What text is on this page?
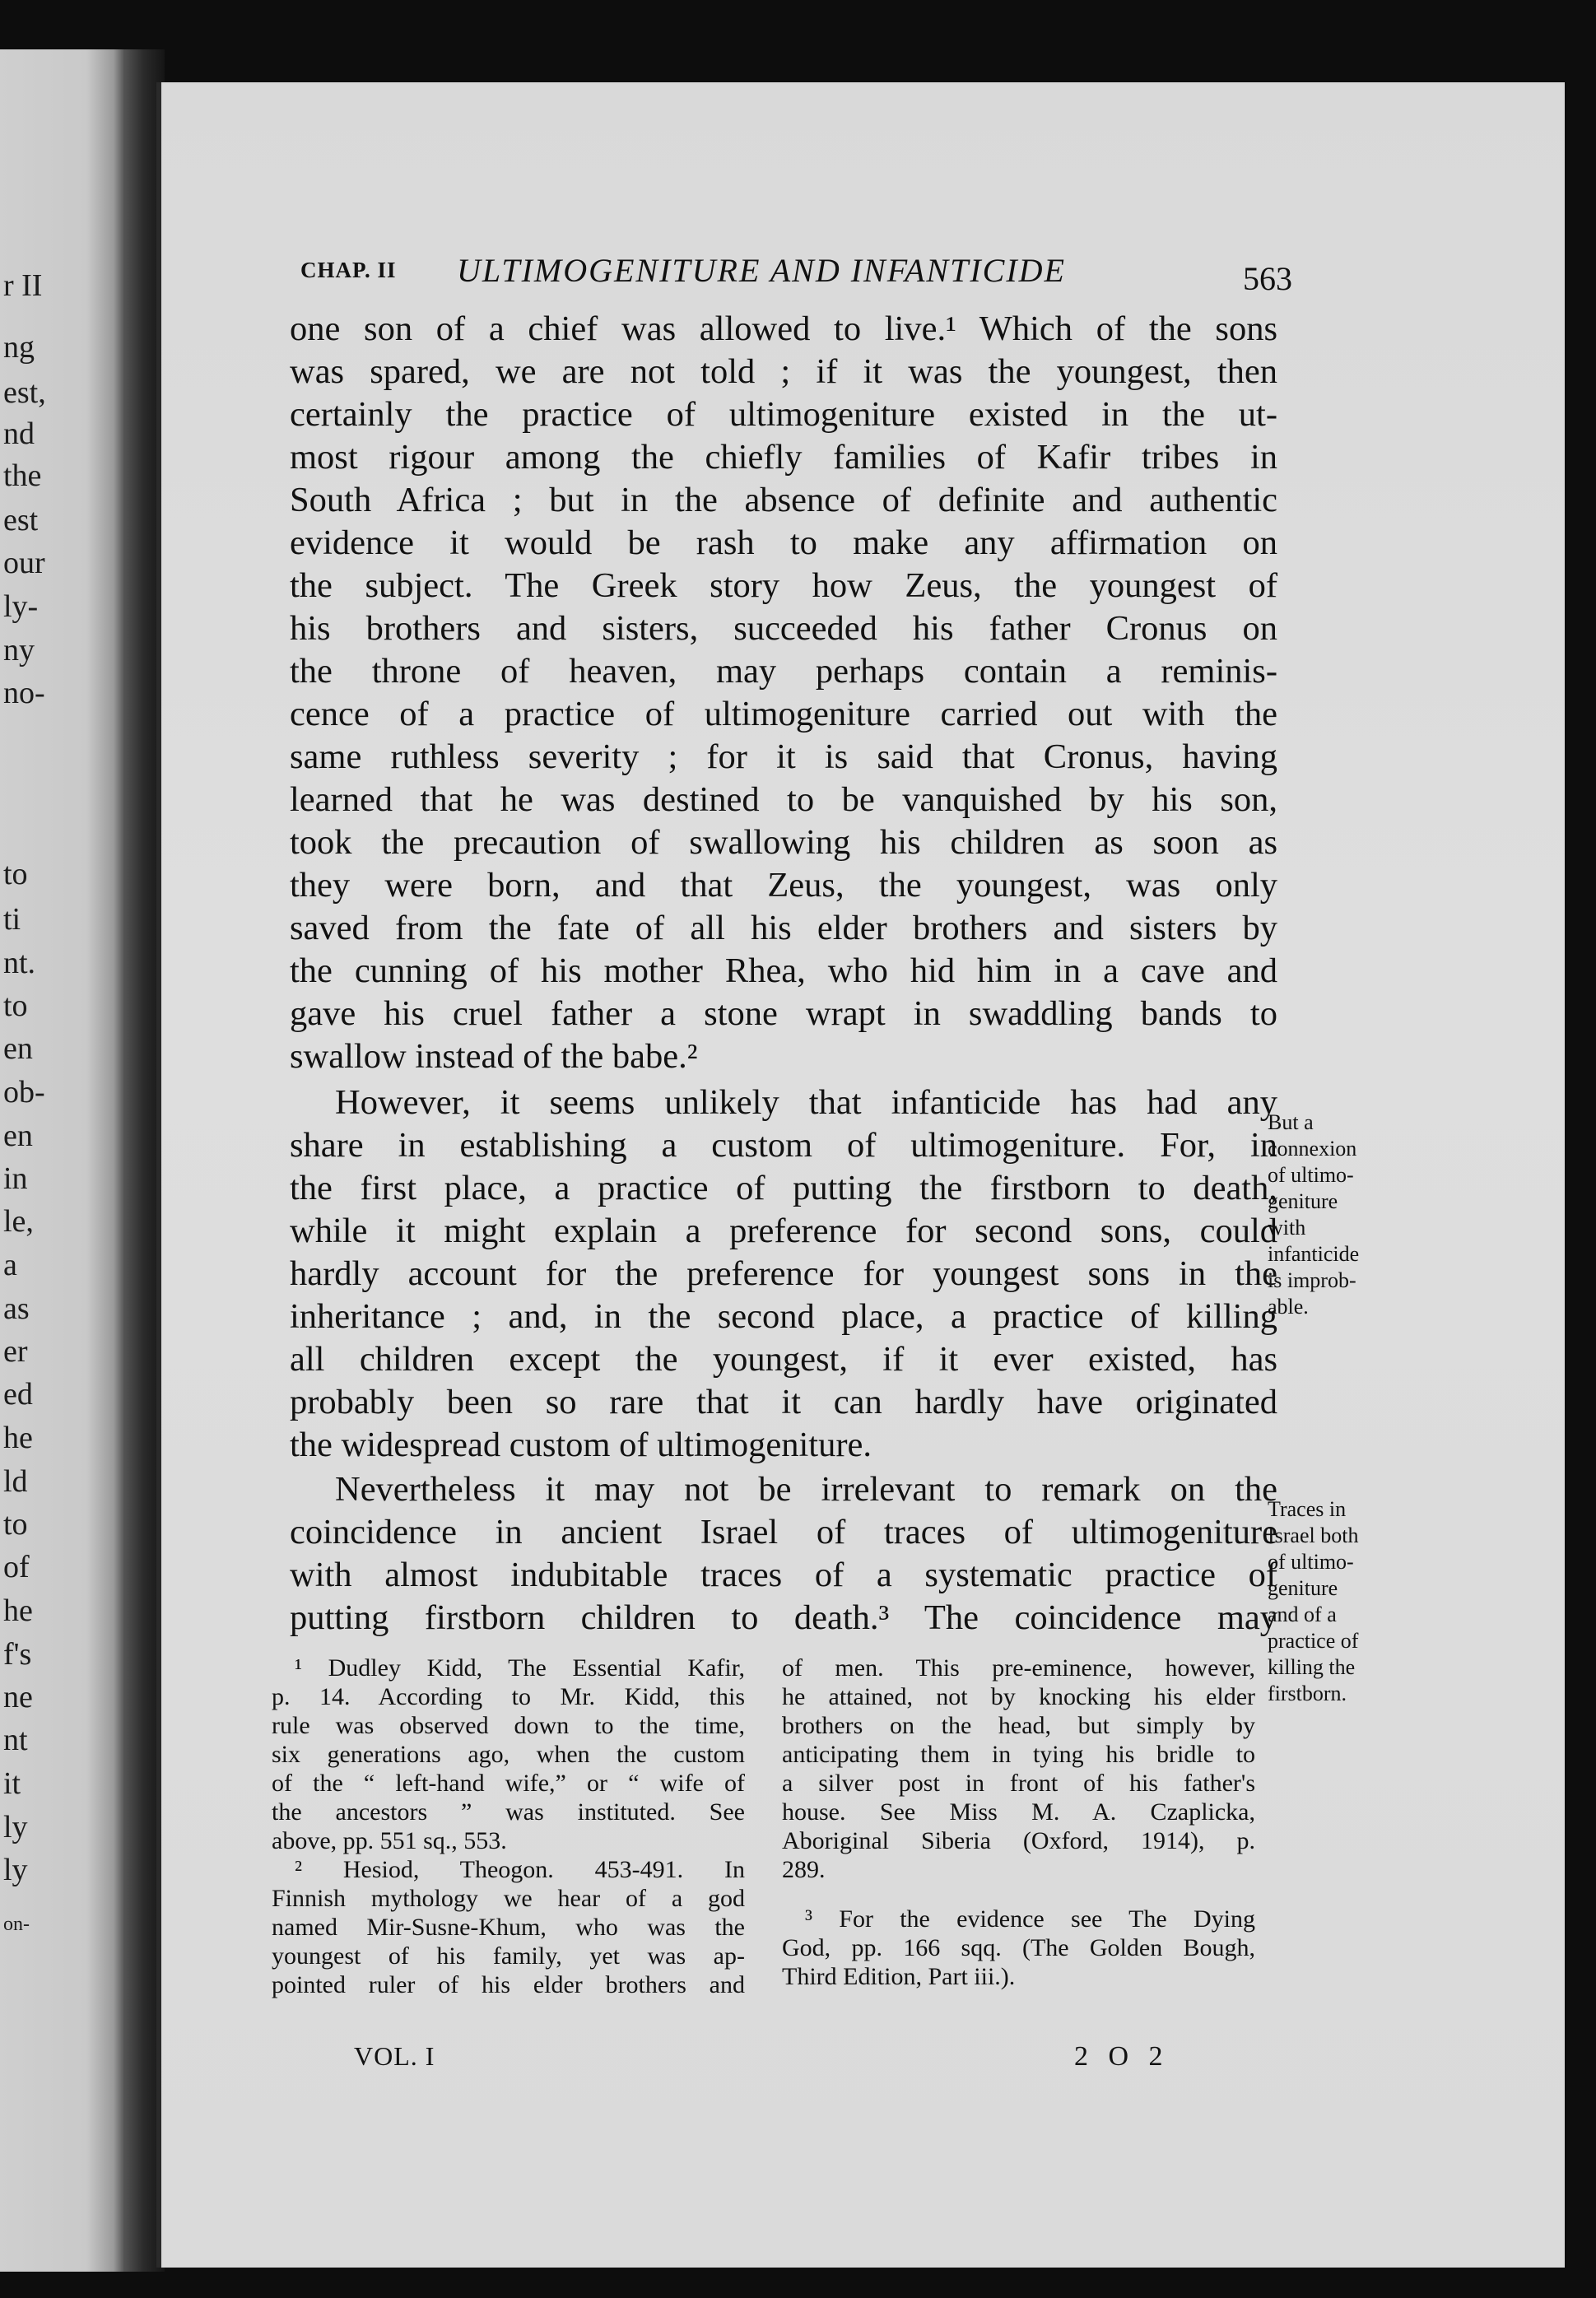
r II
ng
est,
nd
the
est
our
ly-
ny
no-
to
ti
nt.
to
en
ob-
en
in
le,
a
as
er
ed
he
ld
to
of
he
f's
ne
nt
it
ly
ly
on-
CHAP. II ULTIMOGENITURE AND INFANTICIDE	563
one son of a chief was allowed to live.¹ Which of the sons
was spared, we are not told ; if it was the youngest, then
certainly the practice of ultimogeniture existed in the ut-
most rigour among the chiefly families of Kafir tribes in
South Africa ; but in the absence of definite and authentic
evidence it would be rash to make any affirmation on
the subject. The Greek story how Zeus, the youngest of
his brothers and sisters, succeeded his father Cronus on
the throne of heaven, may perhaps contain a reminis-
cence of a practice of ultimogeniture carried out with the
same ruthless severity ; for it is said that Cronus, having
learned that he was destined to be vanquished by his son,
took the precaution of swallowing his children as soon as
they were born, and that Zeus, the youngest, was only
saved from the fate of all his elder brothers and sisters by
the cunning of his mother Rhea, who hid him in a cave and
gave his cruel father a stone wrapt in swaddling bands to
swallow instead of the babe.²
However, it seems unlikely that infanticide has had any
share in establishing a custom of ultimogeniture. For, in
the first place, a practice of putting the firstborn to death,
while it might explain a preference for second sons, could
hardly account for the preference for youngest sons in the
inheritance ; and, in the second place, a practice of killing
all children except the youngest, if it ever existed, has
probably been so rare that it can hardly have originated
the widespread custom of ultimogeniture.
Nevertheless it may not be irrelevant to remark on the
coincidence in ancient Israel of traces of ultimogeniture
with almost indubitable traces of a systematic practice of
putting firstborn children to death.³ The coincidence may
But a
connexion
of ultimo-
geniture
with
infanticide
is improb-
able.
Traces in
Israel both
of ultimo-
geniture
and of a
practice of
killing the
firstborn.
¹ Dudley Kidd, The Essential Kafir,
p. 14. According to Mr. Kidd, this
rule was observed down to the time,
six generations ago, when the custom
of the “ left-hand wife,” or “ wife of
the ancestors ” was instituted. See
above, pp. 551 sq., 553.
² Hesiod, Theogon. 453-491. In
Finnish mythology we hear of a god
named Mir-Susne-Khum, who was the
youngest of his family, yet was ap-
pointed ruler of his elder brothers and
of men. This pre-eminence, however,
he attained, not by knocking his elder
brothers on the head, but simply by
anticipating them in tying his bridle to
a silver post in front of his father's
house. See Miss M. A. Czaplicka,
Aboriginal Siberia (Oxford, 1914), p.
289.
³ For the evidence see The Dying
God, pp. 166 sqq. (The Golden Bough,
Third Edition, Part iii.).
VOL. I	2 O 2
